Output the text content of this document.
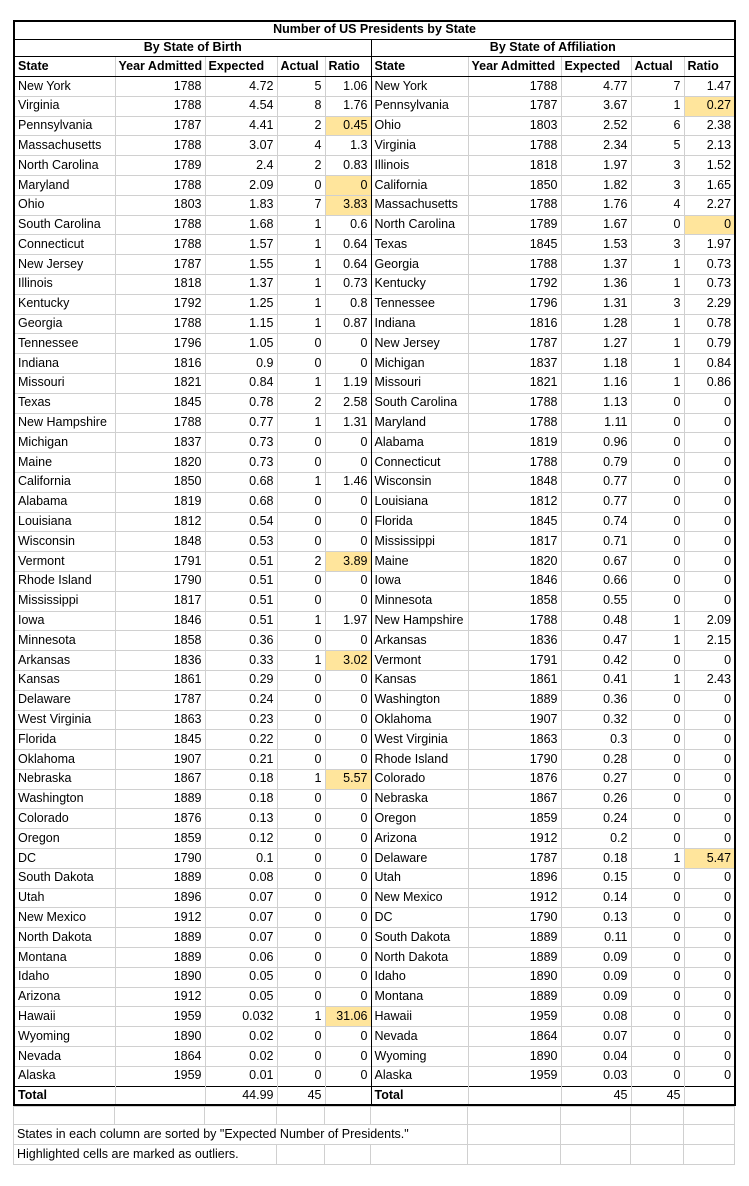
Number of US Presidents by State									
By State of Birth					By State of Affiliation				
State	Year Admitted	Expected	Actual	Ratio	State	Year Admitted	Expected	Actual	Ratio
New York	1788	4.72	5	1.06	New York	1788	4.77	7	1.47
Virginia	1788	4.54	8	1.76	Pennsylvania	1787	3.67	1	0.27
Pennsylvania	1787	4.41	2	0.45	Ohio	1803	2.52	6	2.38
Massachusetts	1788	3.07	4	1.3	Virginia	1788	2.34	5	2.13
North Carolina	1789	2.4	2	0.83	Illinois	1818	1.97	3	1.52
Maryland	1788	2.09	0	0	California	1850	1.82	3	1.65
Ohio	1803	1.83	7	3.83	Massachusetts	1788	1.76	4	2.27
South Carolina	1788	1.68	1	0.6	North Carolina	1789	1.67	0	0
Connecticut	1788	1.57	1	0.64	Texas	1845	1.53	3	1.97
New Jersey	1787	1.55	1	0.64	Georgia	1788	1.37	1	0.73
Illinois	1818	1.37	1	0.73	Kentucky	1792	1.36	1	0.73
Kentucky	1792	1.25	1	0.8	Tennessee	1796	1.31	3	2.29
Georgia	1788	1.15	1	0.87	Indiana	1816	1.28	1	0.78
Tennessee	1796	1.05	0	0	New Jersey	1787	1.27	1	0.79
Indiana	1816	0.9	0	0	Michigan	1837	1.18	1	0.84
Missouri	1821	0.84	1	1.19	Missouri	1821	1.16	1	0.86
Texas	1845	0.78	2	2.58	South Carolina	1788	1.13	0	0
New Hampshire	1788	0.77	1	1.31	Maryland	1788	1.11	0	0
Michigan	1837	0.73	0	0	Alabama	1819	0.96	0	0
Maine	1820	0.73	0	0	Connecticut	1788	0.79	0	0
California	1850	0.68	1	1.46	Wisconsin	1848	0.77	0	0
Alabama	1819	0.68	0	0	Louisiana	1812	0.77	0	0
Louisiana	1812	0.54	0	0	Florida	1845	0.74	0	0
Wisconsin	1848	0.53	0	0	Mississippi	1817	0.71	0	0
Vermont	1791	0.51	2	3.89	Maine	1820	0.67	0	0
Rhode Island	1790	0.51	0	0	Iowa	1846	0.66	0	0
Mississippi	1817	0.51	0	0	Minnesota	1858	0.55	0	0
Iowa	1846	0.51	1	1.97	New Hampshire	1788	0.48	1	2.09
Minnesota	1858	0.36	0	0	Arkansas	1836	0.47	1	2.15
Arkansas	1836	0.33	1	3.02	Vermont	1791	0.42	0	0
Kansas	1861	0.29	0	0	Kansas	1861	0.41	1	2.43
Delaware	1787	0.24	0	0	Washington	1889	0.36	0	0
West Virginia	1863	0.23	0	0	Oklahoma	1907	0.32	0	0
Florida	1845	0.22	0	0	West Virginia	1863	0.3	0	0
Oklahoma	1907	0.21	0	0	Rhode Island	1790	0.28	0	0
Nebraska	1867	0.18	1	5.57	Colorado	1876	0.27	0	0
Washington	1889	0.18	0	0	Nebraska	1867	0.26	0	0
Colorado	1876	0.13	0	0	Oregon	1859	0.24	0	0
Oregon	1859	0.12	0	0	Arizona	1912	0.2	0	0
DC	1790	0.1	0	0	Delaware	1787	0.18	1	5.47
South Dakota	1889	0.08	0	0	Utah	1896	0.15	0	0
Utah	1896	0.07	0	0	New Mexico	1912	0.14	0	0
New Mexico	1912	0.07	0	0	DC	1790	0.13	0	0
North Dakota	1889	0.07	0	0	South Dakota	1889	0.11	0	0
Montana	1889	0.06	0	0	North Dakota	1889	0.09	0	0
Idaho	1890	0.05	0	0	Idaho	1890	0.09	0	0
Arizona	1912	0.05	0	0	Montana	1889	0.09	0	0
Hawaii	1959	0.032	1	31.06	Hawaii	1959	0.08	0	0
Wyoming	1890	0.02	0	0	Nevada	1864	0.07	0	0
Nevada	1864	0.02	0	0	Wyoming	1890	0.04	0	0
Alaska	1959	0.01	0	0	Alaska	1959	0.03	0	0
Total		44.99	45		Total		45	45	

States in each column are sorted by "Expected Number of Presidents."									
Highlighted cells are marked as outliers.									
